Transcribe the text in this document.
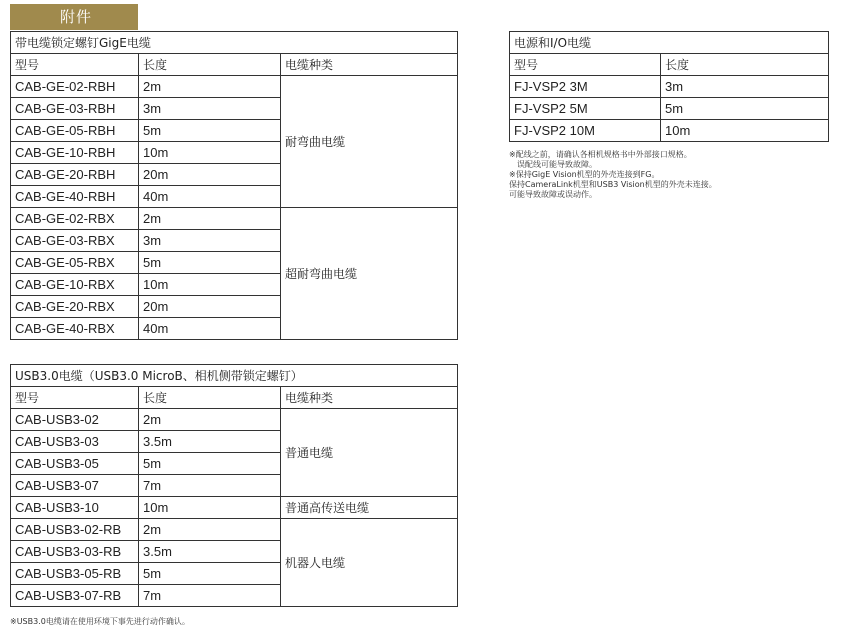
附件
带电缆锁定螺钉GigE电缆		
型号	长度	电缆种类
CAB-GE-02-RBH	2m	耐弯曲电缆
CAB-GE-03-RBH	3m	
CAB-GE-05-RBH	5m	
CAB-GE-10-RBH	10m	
CAB-GE-20-RBH	20m	
CAB-GE-40-RBH	40m	
CAB-GE-02-RBX	2m	超耐弯曲电缆
CAB-GE-03-RBX	3m	
CAB-GE-05-RBX	5m	
CAB-GE-10-RBX	10m	
CAB-GE-20-RBX	20m	
CAB-GE-40-RBX	40m	
USB3.0电缆（USB3.0 MicroB、相机侧带锁定螺钉）		
型号	长度	电缆种类
CAB-USB3-02	2m	普通电缆
CAB-USB3-03	3.5m	
CAB-USB3-05	5m	
CAB-USB3-07	7m	
CAB-USB3-10	10m	普通高传送电缆
CAB-USB3-02-RB	2m	机器人电缆
CAB-USB3-03-RB	3.5m	
CAB-USB3-05-RB	5m	
CAB-USB3-07-RB	7m	
※USB3.0电缆请在使用环境下事先进行动作确认。
电源和I/O电缆	
型号	长度
FJ-VSP2 3M	3m
FJ-VSP2 5M	5m
FJ-VSP2 10M	10m
※配线之前，请确认各相机规格书中外部接口规格。
误配线可能导致故障。
※保持GigE Vision机型的外壳连接到FG。
保持CameraLink机型和USB3 Vision机型的外壳未连接。
可能导致故障或误动作。
